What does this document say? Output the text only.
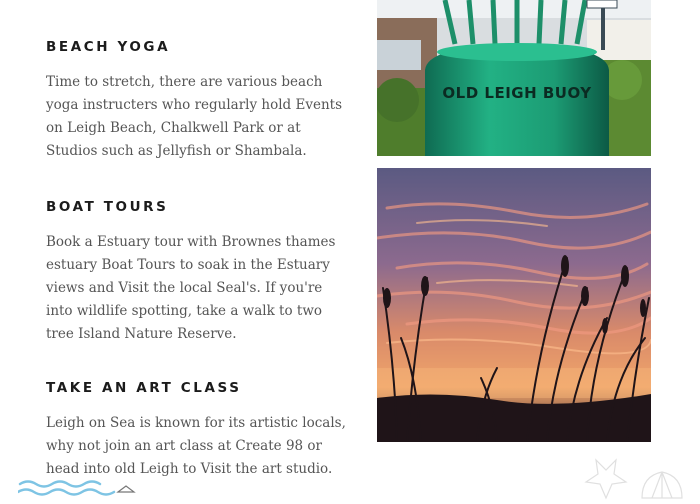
BEACH YOGA

Time to stretch, there are various beach yoga instructers who regularly hold Events on Leigh Beach, Chalkwell Park or at Studios such as Jellyfish or Shambala.

BOAT TOURS

Book a Estuary tour with Brownes thames estuary Boat Tours to soak in the Estuary views and Visit the local Seal's. If you're into wildlife spotting, take a walk to two tree Island Nature Reserve.

TAKE AN ART CLASS

Leigh on Sea is known for its artistic locals, why not join an art class at Create 98 or head into old Leigh to Visit the art studio.

OLD LEIGH BUOY
